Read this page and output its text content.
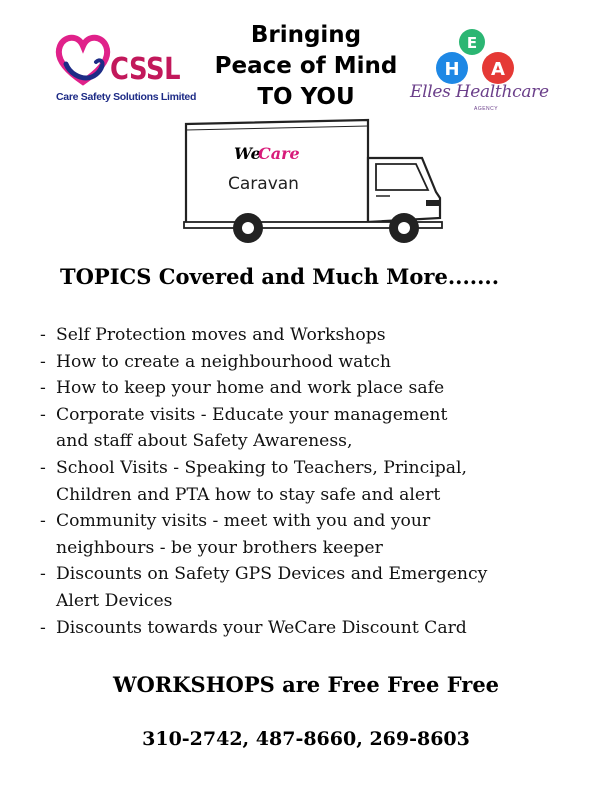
CSSL
Care Safety Solutions Limited
Bringing
Peace of Mind
TO YOU
E
H A
Elles Healthcare
AGENCY
We
Care
Caravan
TOPICS Covered and Much More.......
- Self Protection moves and Workshops
- How to create a neighbourhood watch
- How to keep your home and work place safe
- Corporate visits - Educate your management
and staff about Safety Awareness,
- School Visits - Speaking to Teachers, Principal,
Children and PTA how to stay safe and alert
- Community visits - meet with you and your
neighbours - be your brothers keeper
- Discounts on Safety GPS Devices and Emergency
Alert Devices
- Discounts towards your WeCare Discount Card
WORKSHOPS are Free Free Free
310-2742, 487-8660, 269-8603
